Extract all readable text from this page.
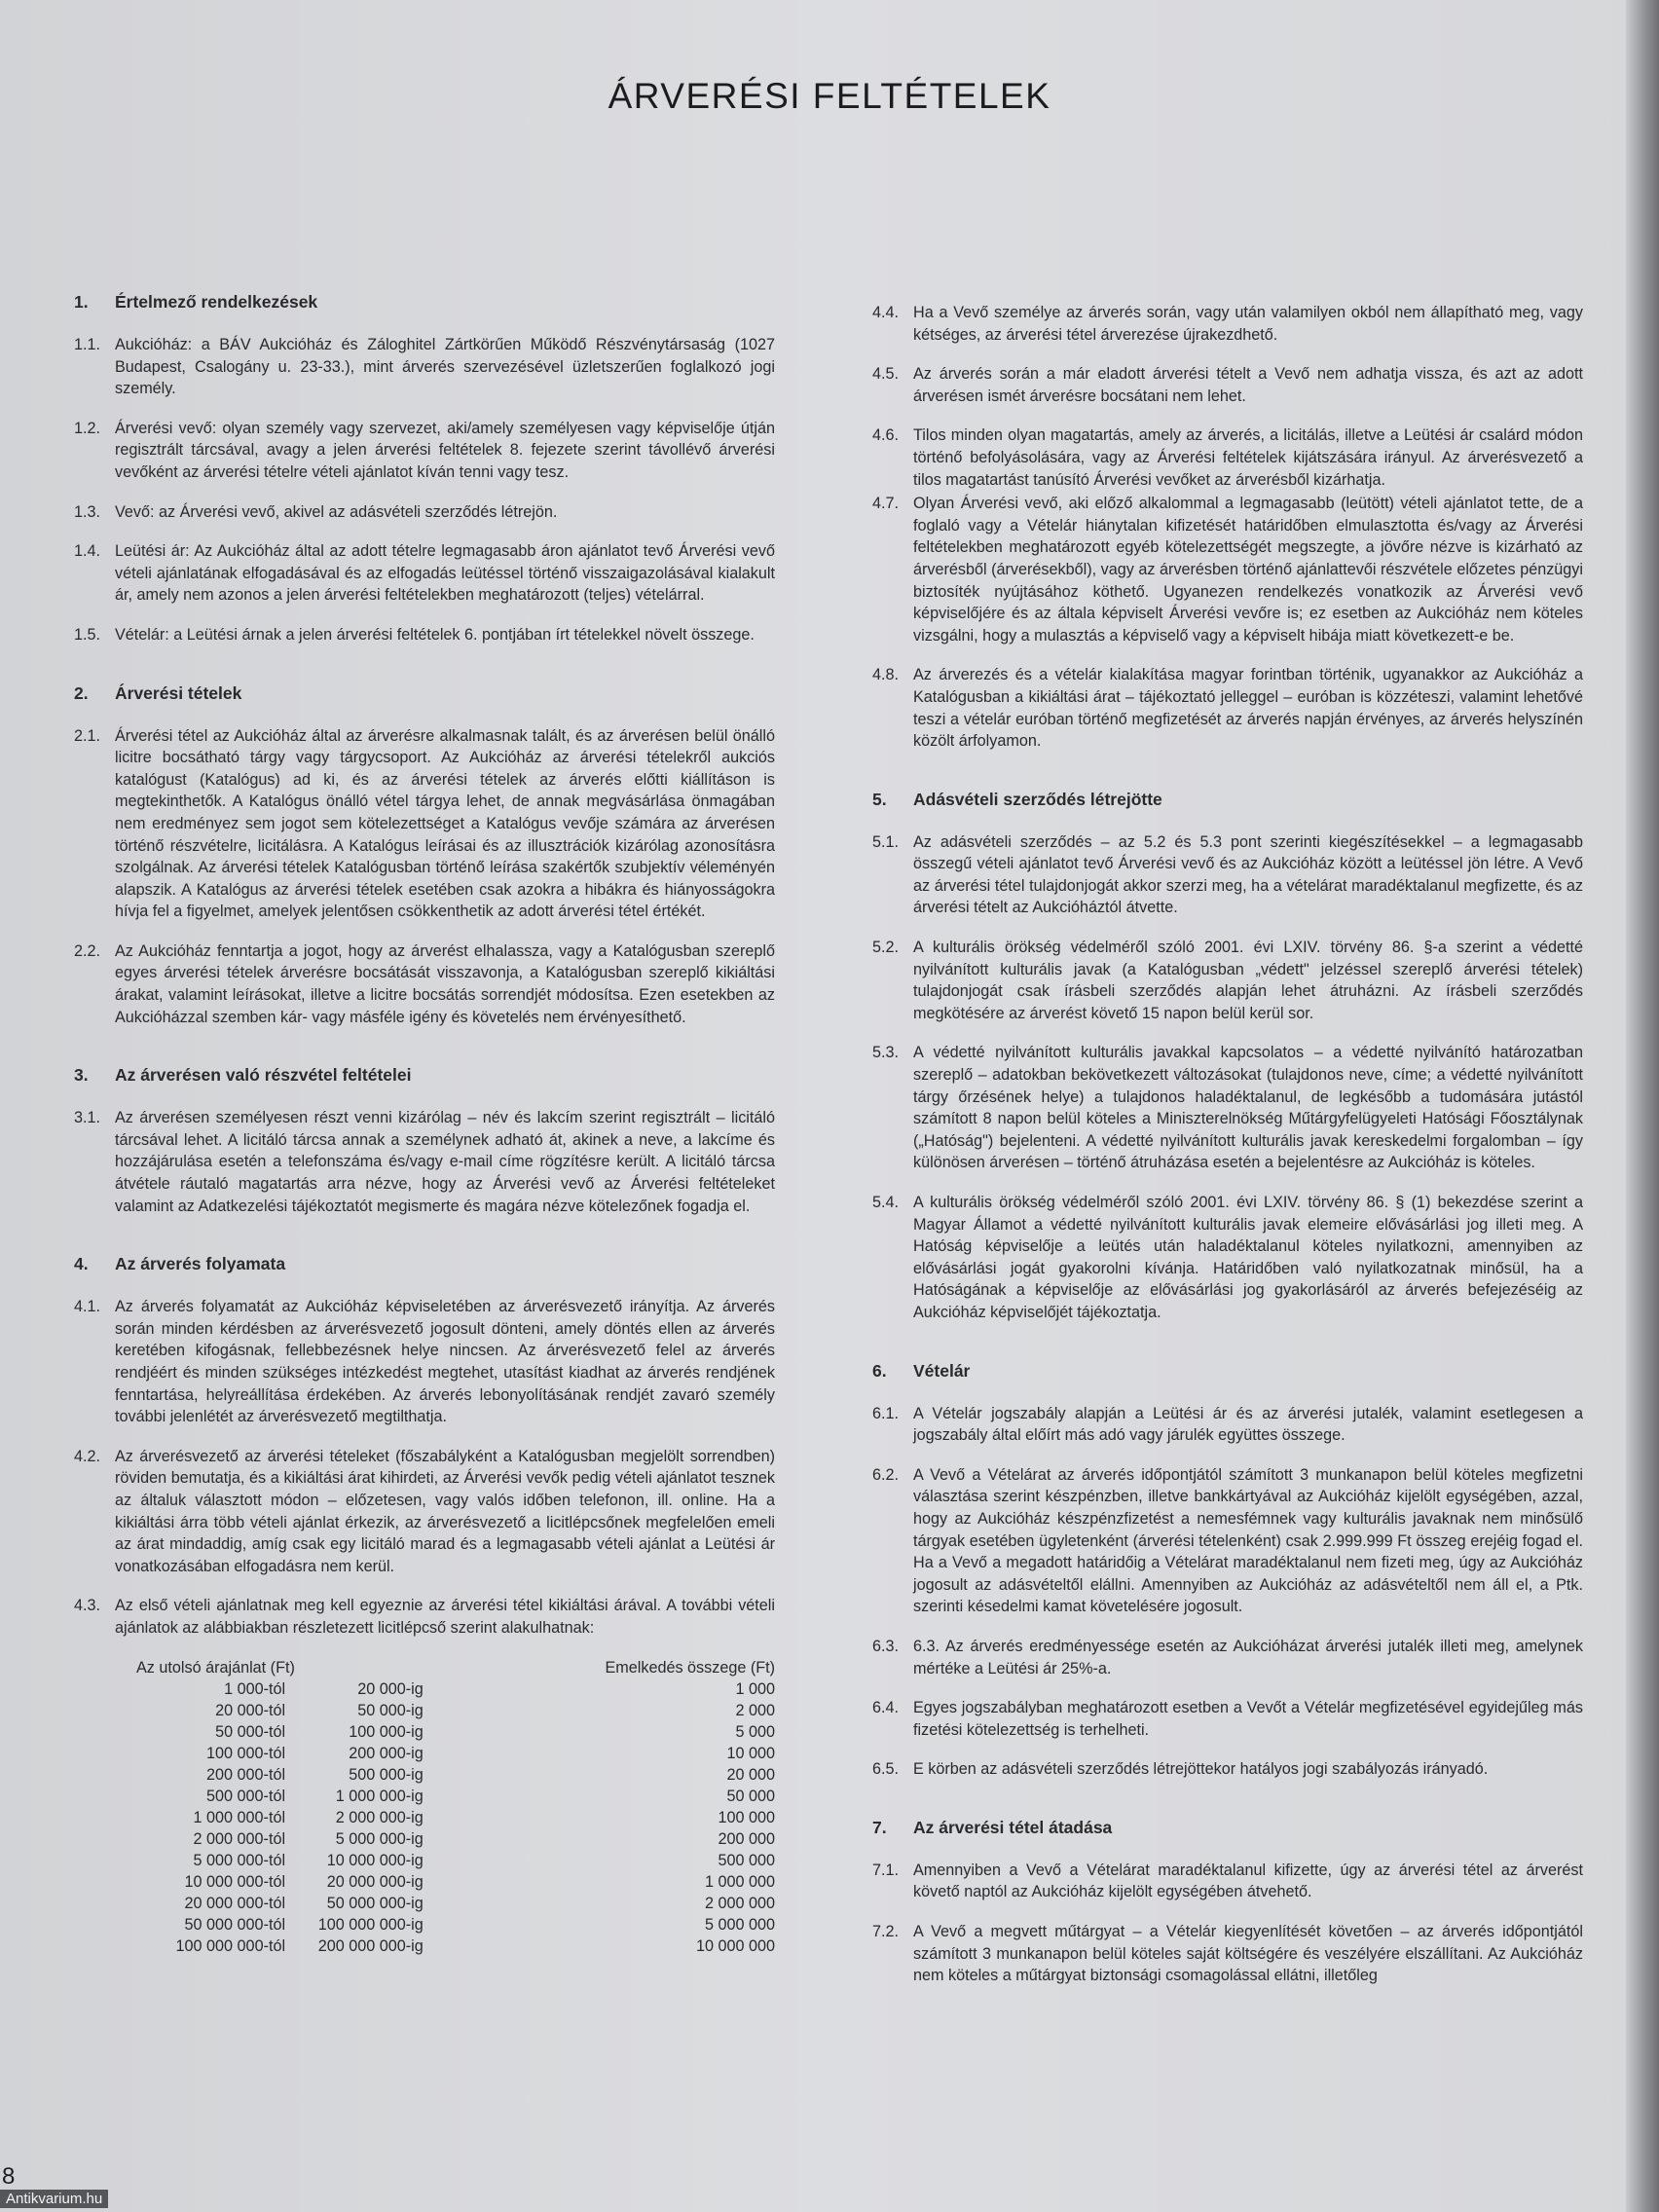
ÁRVERÉSI FELTÉTELEK
1.	Értelmező rendelkezések
1.1. Aukcióház: a BÁV Aukcióház és Záloghitel Zártkörűen Működő Részvénytársaság (1027 Budapest, Csalogány u. 23-33.), mint árverés szervezésével üzletszerűen foglalkozó jogi személy.
1.2. Árverési vevő: olyan személy vagy szervezet, aki/amely személyesen vagy képviselője útján regisztrált tárcsával, avagy a jelen árverési feltételek 8. fejezete szerint távollévő árverési vevőként az árverési tételre vételi ajánlatot kíván tenni vagy tesz.
1.3. Vevő: az Árverési vevő, akivel az adásvételi szerződés létrejön.
1.4. Leütési ár: Az Aukcióház által az adott tételre legmagasabb áron ajánlatot tevő Árverési vevő vételi ajánlatának elfogadásával és az elfogadás leütéssel történő visszaigazolásával kialakult ár, amely nem azonos a jelen árverési feltételekben meghatározott (teljes) vételárral.
1.5. Vételár: a Leütési árnak a jelen árverési feltételek 6. pontjában írt tételekkel növelt összege.
2.	Árverési tételek
2.1. Árverési tétel az Aukcióház által az árverésre alkalmasnak talált, és az árverésen belül önálló licitre bocsátható tárgy vagy tárgycsoport. Az Aukcióház az árverési tételekről aukciós katalógust (Katalógus) ad ki, és az árverési tételek az árverés előtti kiállításon is megtekinthetők. A Katalógus önálló vétel tárgya lehet, de annak megvásárlása önmagában nem eredményez sem jogot sem kötelezettséget a Katalógus vevője számára az árverésen történő részvételre, licitálásra. A Katalógus leírásai és az illusztrációk kizárólag azonosításra szolgálnak. Az árverési tételek Katalógusban történő leírása szakértők szubjektív véleményén alapszik. A Katalógus az árverési tételek esetében csak azokra a hibákra és hiányosságokra hívja fel a figyelmet, amelyek jelentősen csökkenthetik az adott árverési tétel értékét.
2.2. Az Aukcióház fenntartja a jogot, hogy az árverést elhalassza, vagy a Katalógusban szereplő egyes árverési tételek árverésre bocsátását visszavonja, a Katalógusban szereplő kikiáltási árakat, valamint leírásokat, illetve a licitre bocsátás sorrendjét módosítsa. Ezen esetekben az Aukcióházzal szemben kár- vagy másféle igény és követelés nem érvényesíthető.
3.	Az árverésen való részvétel feltételei
3.1. Az árverésen személyesen részt venni kizárólag – név és lakcím szerint regisztrált – licitáló tárcsával lehet. A licitáló tárcsa annak a személynek adható át, akinek a neve, a lakcíme és hozzájárulása esetén a telefonszáma és/vagy e-mail címe rögzítésre került. A licitáló tárcsa átvétele ráutaló magatartás arra nézve, hogy az Árverési vevő az Árverési feltételeket valamint az Adatkezelési tájékoztatót megismerte és magára nézve kötelezőnek fogadja el.
4.	Az árverés folyamata
4.1. Az árverés folyamatát az Aukcióház képviseletében az árverésvezető irányítja. Az árverés során minden kérdésben az árverésvezető jogosult dönteni, amely döntés ellen az árverés keretében kifogásnak, fellebbezésnek helye nincsen. Az árverésvezető felel az árverés rendjéért és minden szükséges intézkedést megtehet, utasítást kiadhat az árverés rendjének fenntartása, helyreállítása érdekében. Az árverés lebonyolításának rendjét zavaró személy további jelenlétét az árverésvezető megtilthatja.
4.2. Az árverésvezető az árverési tételeket (főszabályként a Katalógusban megjelölt sorrendben) röviden bemutatja, és a kikiáltási árat kihirdeti, az Árverési vevők pedig vételi ajánlatot tesznek az általuk választott módon – előzetesen, vagy valós időben telefonon, ill. online. Ha a kikiáltási árra több vételi ajánlat érkezik, az árverésvezető a licitlépcsőnek megfelelően emeli az árat mindaddig, amíg csak egy licitáló marad és a legmagasabb vételi ajánlat a Leütési ár vonatkozásában elfogadásra nem kerül.
4.3. Az első vételi ajánlatnak meg kell egyeznie az árverési tétel kikiáltási árával. A további vételi ajánlatok az alábbiakban részletezett licitlépcső szerint alakulhatnak:
Az utolsó árajánlat (Ft)		Emelkedés összege (Ft)
1 000-tól	20 000-ig	1 000
20 000-tól	50 000-ig	2 000
50 000-tól	100 000-ig	5 000
100 000-tól	200 000-ig	10 000
200 000-tól	500 000-ig	20 000
500 000-tól	1 000 000-ig	50 000
1 000 000-tól	2 000 000-ig	100 000
2 000 000-tól	5 000 000-ig	200 000
5 000 000-tól	10 000 000-ig	500 000
10 000 000-tól	20 000 000-ig	1 000 000
20 000 000-tól	50 000 000-ig	2 000 000
50 000 000-tól	100 000 000-ig	5 000 000
100 000 000-tól	200 000 000-ig	10 000 000
4.4. Ha a Vevő személye az árverés során, vagy után valamilyen okból nem állapítható meg, vagy kétséges, az árverési tétel árverezése újrakezdhető.
4.5. Az árverés során a már eladott árverési tételt a Vevő nem adhatja vissza, és azt az adott árverésen ismét árverésre bocsátani nem lehet.
4.6. Tilos minden olyan magatartás, amely az árverés, a licitálás, illetve a Leütési ár csalárd módon történő befolyásolására, vagy az Árverési feltételek kijátszására irányul. Az árverésvezető a tilos magatartást tanúsító Árverési vevőket az árverésből kizárhatja.
4.7. Olyan Árverési vevő, aki előző alkalommal a legmagasabb (leütött) vételi ajánlatot tette, de a foglaló vagy a Vételár hiánytalan kifizetését határidőben elmulasztotta és/vagy az Árverési feltételekben meghatározott egyéb kötelezettségét megszegte, a jövőre nézve is kizárható az árverésből (árverésekből), vagy az árverésben történő ajánlattevői részvétele előzetes pénzügyi biztosíték nyújtásához köthető. Ugyanezen rendelkezés vonatkozik az Árverési vevő képviselőjére és az általa képviselt Árverési vevőre is; ez esetben az Aukcióház nem köteles vizsgálni, hogy a mulasztás a képviselő vagy a képviselt hibája miatt következett-e be.
4.8. Az árverezés és a vételár kialakítása magyar forintban történik, ugyanakkor az Aukcióház a Katalógusban a kikiáltási árat – tájékoztató jelleggel – euróban is közzéteszi, valamint lehetővé teszi a vételár euróban történő megfizetését az árverés napján érvényes, az árverés helyszínén közölt árfolyamon.
5.	Adásvételi szerződés létrejötte
5.1. Az adásvételi szerződés – az 5.2 és 5.3 pont szerinti kiegészítésekkel – a legmagasabb összegű vételi ajánlatot tevő Árverési vevő és az Aukcióház között a leütéssel jön létre. A Vevő az árverési tétel tulajdonjogát akkor szerzi meg, ha a vételárat maradéktalanul megfizette, és az árverési tételt az Aukcióháztól átvette.
5.2. A kulturális örökség védelméről szóló 2001. évi LXIV. törvény 86. §-a szerint a védetté nyilvánított kulturális javak (a Katalógusban „védett" jelzéssel szereplő árverési tételek) tulajdonjogát csak írásbeli szerződés alapján lehet átruházni. Az írásbeli szerződés megkötésére az árverést követő 15 napon belül kerül sor.
5.3. A védetté nyilvánított kulturális javakkal kapcsolatos – a védetté nyilvánító határozatban szereplő – adatokban bekövetkezett változásokat (tulajdonos neve, címe; a védetté nyilvánított tárgy őrzésének helye) a tulajdonos haladéktalanul, de legkésőbb a tudomására jutástól számított 8 napon belül köteles a Miniszterelnökség Műtárgyfelügyeleti Hatósági Főosztálynak („Hatóság") bejelenteni. A védetté nyilvánított kulturális javak kereskedelmi forgalomban – így különösen árverésen – történő átruházása esetén a bejelentésre az Aukcióház is köteles.
5.4. A kulturális örökség védelméről szóló 2001. évi LXIV. törvény 86. § (1) bekezdése szerint a Magyar Államot a védetté nyilvánított kulturális javak elemeire elővásárlási jog illeti meg. A Hatóság képviselője a leütés után haladéktalanul köteles nyilatkozni, amennyiben az elővásárlási jogát gyakorolni kívánja. Határidőben való nyilatkozatnak minősül, ha a Hatóságának a képviselője az elővásárlási jog gyakorlásáról az árverés befejezéséig az Aukcióház képviselőjét tájékoztatja.
6.	Vételár
6.1. A Vételár jogszabály alapján a Leütési ár és az árverési jutalék, valamint esetlegesen a jogszabály által előírt más adó vagy járulék együttes összege.
6.2. A Vevő a Vételárat az árverés időpontjától számított 3 munkanapon belül köteles megfizetni választása szerint készpénzben, illetve bankkártyával az Aukcióház kijelölt egységében, azzal, hogy az Aukcióház készpénzfizetést a nemesfémnek vagy kulturális javaknak nem minősülő tárgyak esetében ügyletenként (árverési tételenként) csak 2.999.999 Ft összeg erejéig fogad el. Ha a Vevő a megadott határidőig a Vételárat maradéktalanul nem fizeti meg, úgy az Aukcióház jogosult az adásvételtől elállni. Amennyiben az Aukcióház az adásvételtől nem áll el, a Ptk. szerinti késedelmi kamat követelésére jogosult.
6.3. 6.3. Az árverés eredményessége esetén az Aukcióházat árverési jutalék illeti meg, amelynek mértéke a Leütési ár 25%-a.
6.4. Egyes jogszabályban meghatározott esetben a Vevőt a Vételár megfizetésével egyidejűleg más fizetési kötelezettség is terhelheti.
6.5. E körben az adásvételi szerződés létrejöttekor hatályos jogi szabályozás irányadó.
7.	Az árverési tétel átadása
7.1. Amennyiben a Vevő a Vételárat maradéktalanul kifizette, úgy az árverési tétel az árverést követő naptól az Aukcióház kijelölt egységében átvehető.
7.2. A Vevő a megvett műtárgyat – a Vételár kiegyenlítését követően – az árverés időpontjától számított 3 munkanapon belül köteles saját költségére és veszélyére elszállítani. Az Aukcióház nem köteles a műtárgyat biztonsági csomagolással ellátni, illetőleg
8
Antikvarium.hu
